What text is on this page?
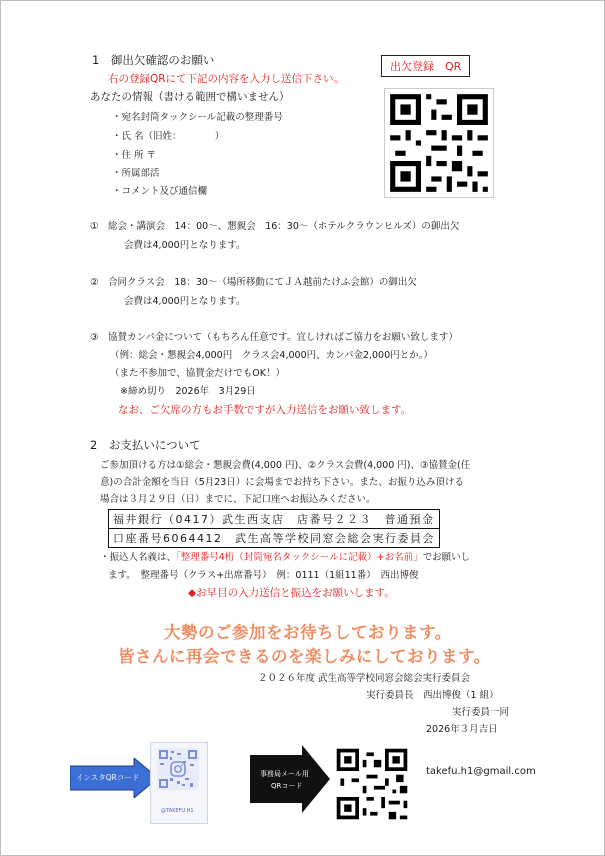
1　御出欠確認のお願い
右の登録QRにて下記の内容を入力し送信下さい。
あなたの情報（書ける範囲で構いません）
・宛名封筒タックシール記載の整理番号
・氏 名（旧姓：　　　　）
・住 所 〒
・所属部活
・コメント及び通信欄
出欠登録　QR
①　総会・講演会　14：00～、懇親会　16：30～（ホテルクラウンヒルズ）の御出欠
会費は4,000円となります。
②　合同クラス会　18：30～（場所移動にてＪＡ越前たけふ会館）の御出欠
会費は4,000円となります。
③　協賛カンパ金について（もちろん任意です。宜しければご協力をお願い致します）
（例：総会・懇親会4,000円　クラス会4,000円、カンパ金2,000円とか。）
（また不参加で、協賛金だけでもOK！）
※締め切り　2026年　3月29日
なお、ご欠席の方もお手数ですが入力送信をお願い致します。
2　お支払いについて
ご参加頂ける方は①総会・懇親会費(4,000 円)、②クラス会費(4,000 円)、③協賛金(任
意)の合計金額を当日（5月23日）に会場までお持ち下さい。また、お振り込み頂ける
場合は３月２９日（日）までに、下記口座へお振込みください。
福井銀行（0417）武生西支店　店番号２２３　普通預金
口座番号6064412　武生高等学校同窓会総会実行委員会
・振込人名義は、「整理番号4桁（封筒宛名タックシールに記載）+お名前」でお願いし
ます。　整理番号（クラス+出席番号）　例：0111（1組11番）　西出博俊
◆お早目の入力送信と振込をお願いします。
大勢のご参加をお待ちしております。
皆さんに再会できるのを楽しみにしております。
２０２６年度 武生高等学校同窓会総会実行委員会
実行委員長　西出博俊（1 組）
実行委員一同
2026年３月吉日
インスタQRコード
@TAKEFU.H1
事務局メール用
QRコード
takefu.h1@gmail.com
